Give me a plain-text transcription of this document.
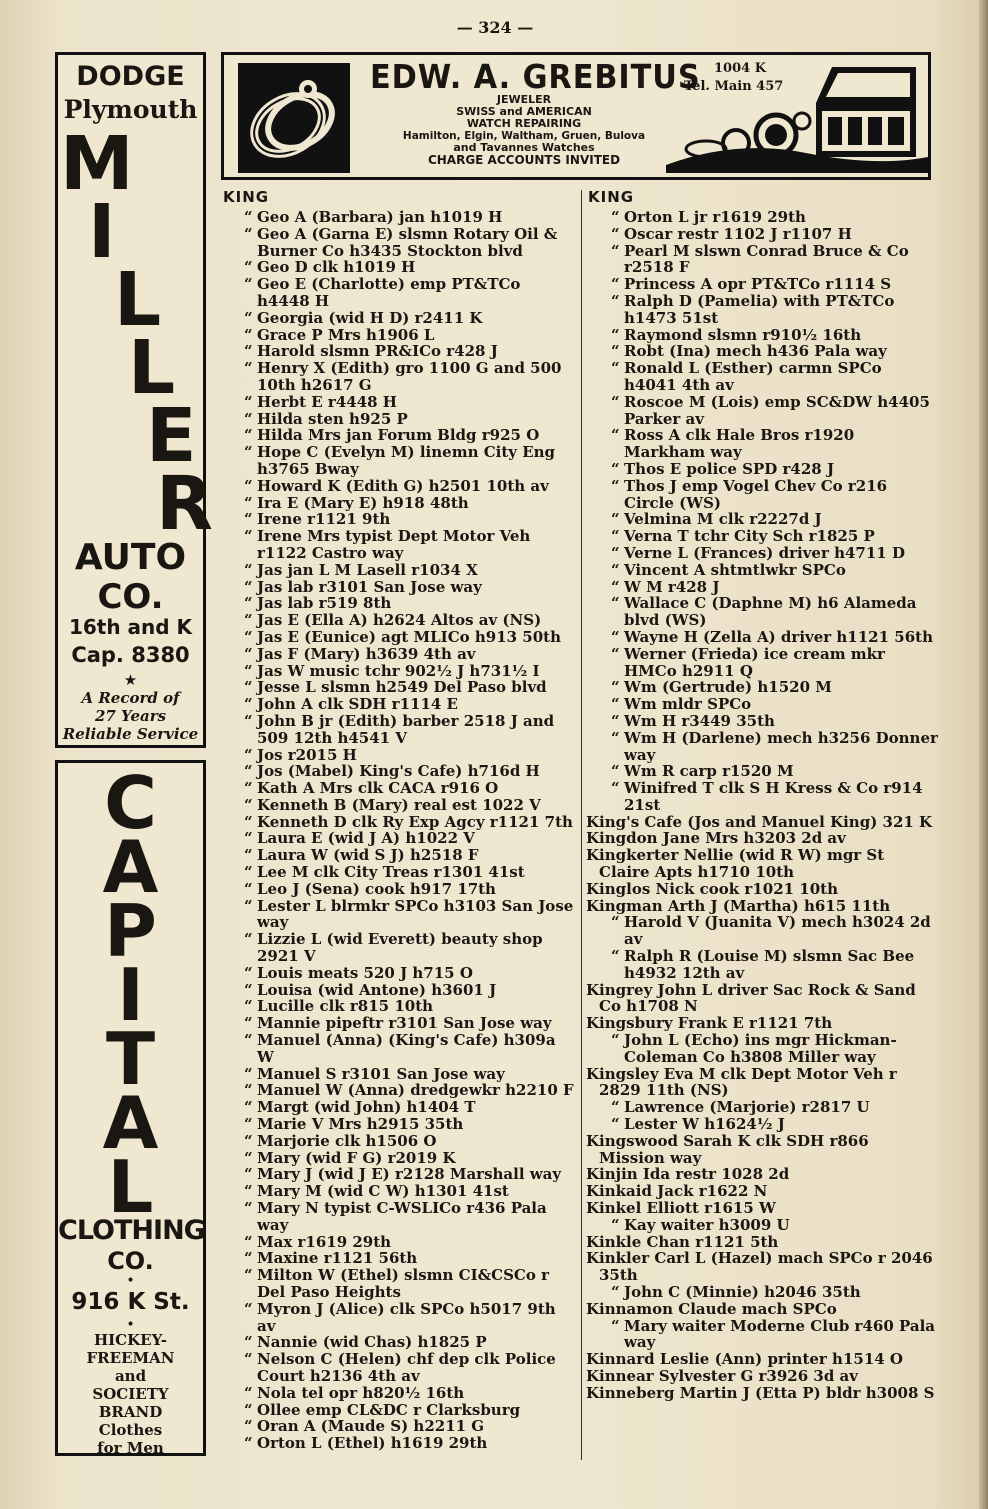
— 324 —
DODGE
Plymouth
M
I
L
L
E
R
AUTO
CO.
16th and K
Cap. 8380
★
A Record of
27 Years
Reliable Service
C
A
P
I
T
A
L
CLOTHING
CO.
•
916 K St.
•
HICKEY-
FREEMAN
and
SOCIETY
BRAND
Clothes
for Men
EDW. A. GREBITUS 1004 K
Tel. Main 457
JEWELER
SWISS and AMERICAN
WATCH REPAIRING
Hamilton, Elgin, Waltham, Gruen, Bulova
and Tavannes Watches
CHARGE ACCOUNTS INVITED
KING	KING
“ Geo A (Barbara) jan h1019 H
“ Geo A (Garna E) slsmn Rotary Oil & Burner Co h3435 Stockton blvd
“ Geo D clk h1019 H
“ Geo E (Charlotte) emp PT&TCo h4448 H
“ Georgia (wid H D) r2411 K
“ Grace P Mrs h1906 L
“ Harold slsmn PR&ICo r428 J
“ Henry X (Edith) gro 1100 G and 500 10th h2617 G
“ Herbt E r4448 H
“ Hilda sten h925 P
“ Hilda Mrs jan Forum Bldg r925 O
“ Hope C (Evelyn M) linemn City Eng h3765 Bway
“ Howard K (Edith G) h2501 10th av
“ Ira E (Mary E) h918 48th
“ Irene r1121 9th
“ Irene Mrs typist Dept Motor Veh r1122 Castro way
“ Jas jan L M Lasell r1034 X
“ Jas lab r3101 San Jose way
“ Jas lab r519 8th
“ Jas E (Ella A) h2624 Altos av (NS)
“ Jas E (Eunice) agt MLICo h913 50th
“ Jas F (Mary) h3639 4th av
“ Jas W music tchr 902½ J h731½ I
“ Jesse L slsmn h2549 Del Paso blvd
“ John A clk SDH r1114 E
“ John B jr (Edith) barber 2518 J and 509 12th h4541 V
“ Jos r2015 H
“ Jos (Mabel) King's Cafe) h716d H
“ Kath A Mrs clk CACA r916 O
“ Kenneth B (Mary) real est 1022 V
“ Kenneth D clk Ry Exp Agcy r1121 7th
“ Laura E (wid J A) h1022 V
“ Laura W (wid S J) h2518 F
“ Lee M clk City Treas r1301 41st
“ Leo J (Sena) cook h917 17th
“ Lester L blrmkr SPCo h3103 San Jose way
“ Lizzie L (wid Everett) beauty shop 2921 V
“ Louis meats 520 J h715 O
“ Louisa (wid Antone) h3601 J
“ Lucille clk r815 10th
“ Mannie pipeftr r3101 San Jose way
“ Manuel (Anna) (King's Cafe) h309a W
“ Manuel S r3101 San Jose way
“ Manuel W (Anna) dredgewkr h2210 F
“ Margt (wid John) h1404 T
“ Marie V Mrs h2915 35th
“ Marjorie clk h1506 O
“ Mary (wid F G) r2019 K
“ Mary J (wid J E) r2128 Marshall way
“ Mary M (wid C W) h1301 41st
“ Mary N typist C-WSLICo r436 Pala way
“ Max r1619 29th
“ Maxine r1121 56th
“ Milton W (Ethel) slsmn CI&CSCo r Del Paso Heights
“ Myron J (Alice) clk SPCo h5017 9th av
“ Nannie (wid Chas) h1825 P
“ Nelson C (Helen) chf dep clk Police Court h2136 4th av
“ Nola tel opr h820½ 16th
“ Ollee emp CL&DC r Clarksburg
“ Oran A (Maude S) h2211 G
“ Orton L (Ethel) h1619 29th
“ Orton L jr r1619 29th
“ Oscar restr 1102 J r1107 H
“ Pearl M slswn Conrad Bruce & Co r2518 F
“ Princess A opr PT&TCo r1114 S
“ Ralph D (Pamelia) with PT&TCo h1473 51st
“ Raymond slsmn r910½ 16th
“ Robt (Ina) mech h436 Pala way
“ Ronald L (Esther) carmn SPCo h4041 4th av
“ Roscoe M (Lois) emp SC&DW h4405 Parker av
“ Ross A clk Hale Bros r1920 Markham way
“ Thos E police SPD r428 J
“ Thos J emp Vogel Chev Co r216 Circle (WS)
“ Velmina M clk r2227d J
“ Verna T tchr City Sch r1825 P
“ Verne L (Frances) driver h4711 D
“ Vincent A shtmtlwkr SPCo
“ W M r428 J
“ Wallace C (Daphne M) h6 Alameda blvd (WS)
“ Wayne H (Zella A) driver h1121 56th
“ Werner (Frieda) ice cream mkr HMCo h2911 Q
“ Wm (Gertrude) h1520 M
“ Wm mldr SPCo
“ Wm H r3449 35th
“ Wm H (Darlene) mech h3256 Donner way
“ Wm R carp r1520 M
“ Winifred T clk S H Kress & Co r914 21st
King's Cafe (Jos and Manuel King) 321 K
Kingdon Jane Mrs h3203 2d av
Kingkerter Nellie (wid R W) mgr St Claire Apts h1710 10th
Kinglos Nick cook r1021 10th
Kingman Arth J (Martha) h615 11th
“ Harold V (Juanita V) mech h3024 2d av
“ Ralph R (Louise M) slsmn Sac Bee h4932 12th av
Kingrey John L driver Sac Rock & Sand Co h1708 N
Kingsbury Frank E r1121 7th
“ John L (Echo) ins mgr Hickman-Coleman Co h3808 Miller way
Kingsley Eva M clk Dept Motor Veh r 2829 11th (NS)
“ Lawrence (Marjorie) r2817 U
“ Lester W h1624½ J
Kingswood Sarah K clk SDH r866 Mission way
Kinjin Ida restr 1028 2d
Kinkaid Jack r1622 N
Kinkel Elliott r1615 W
“ Kay waiter h3009 U
Kinkle Chan r1121 5th
Kinkler Carl L (Hazel) mach SPCo r 2046 35th
“ John C (Minnie) h2046 35th
Kinnamon Claude mach SPCo
“ Mary waiter Moderne Club r460 Pala way
Kinnard Leslie (Ann) printer h1514 O
Kinnear Sylvester G r3926 3d av
Kinneberg Martin J (Etta P) bldr h3008 S
